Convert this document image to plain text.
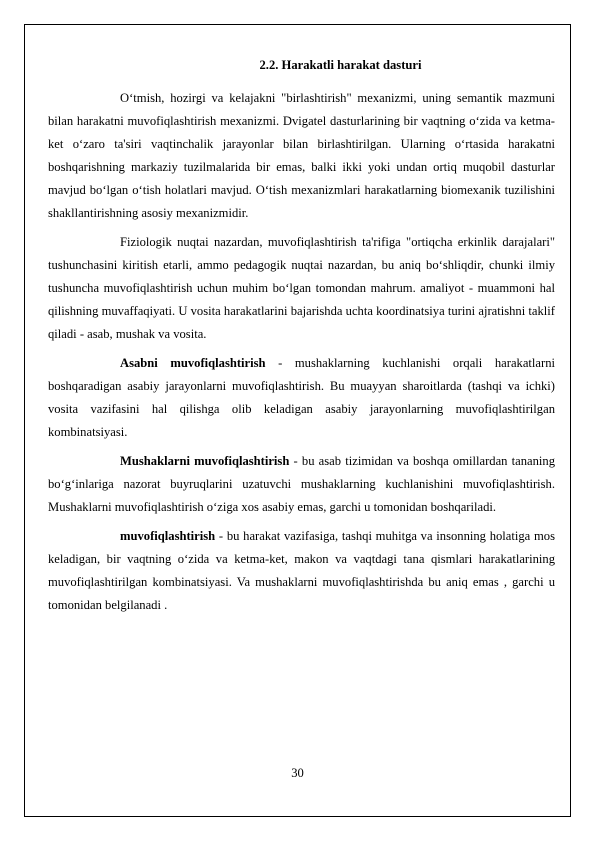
2.2. Harakatli harakat dasturi

O‘tmish, hozirgi va kelajakni "birlashtirish" mexanizmi, uning semantik mazmuni bilan harakatni muvofiqlashtirish mexanizmi. Dvigatel dasturlarining bir vaqtning o‘zida va ketma-ket o‘zaro ta'siri vaqtinchalik jarayonlar bilan birlashtirilgan. Ularning o‘rtasida harakatni boshqarishning markaziy tuzilmalarida bir emas, balki ikki yoki undan ortiq muqobil dasturlar mavjud bo‘lgan o‘tish holatlari mavjud. O‘tish mexanizmlari harakatlarning biomexanik tuzilishini shakllantirishning asosiy mexanizmidir.

Fiziologik nuqtai nazardan, muvofiqlashtirish ta'rifiga "ortiqcha erkinlik darajalari" tushunchasini kiritish etarli, ammo pedagogik nuqtai nazardan, bu aniq bo‘shliqdir, chunki ilmiy tushuncha muvofiqlashtirish uchun muhim bo‘lgan tomondan mahrum. amaliyot - muammoni hal qilishning muvaffaqiyati. U vosita harakatlarini bajarishda uchta koordinatsiya turini ajratishni taklif qiladi - asab, mushak va vosita.

Asabni muvofiqlashtirish - mushaklarning kuchlanishi orqali harakatlarni boshqaradigan asabiy jarayonlarni muvofiqlashtirish. Bu muayyan sharoitlarda (tashqi va ichki) vosita vazifasini hal qilishga olib keladigan asabiy jarayonlarning muvofiqlashtirilgan kombinatsiyasi.

Mushaklarni muvofiqlashtirish - bu asab tizimidan va boshqa omillardan tananing bo‘g‘inlariga nazorat buyruqlarini uzatuvchi mushaklarning kuchlanishini muvofiqlashtirish. Mushaklarni muvofiqlashtirish o‘ziga xos asabiy emas, garchi u tomonidan boshqariladi.

muvofiqlashtirish - bu harakat vazifasiga, tashqi muhitga va insonning holatiga mos keladigan, bir vaqtning o‘zida va ketma-ket, makon va vaqtdagi tana qismlari harakatlarining muvofiqlashtirilgan kombinatsiyasi. Va mushaklarni muvofiqlashtirishda bu aniq emas , garchi u tomonidan belgilanadi .

30
